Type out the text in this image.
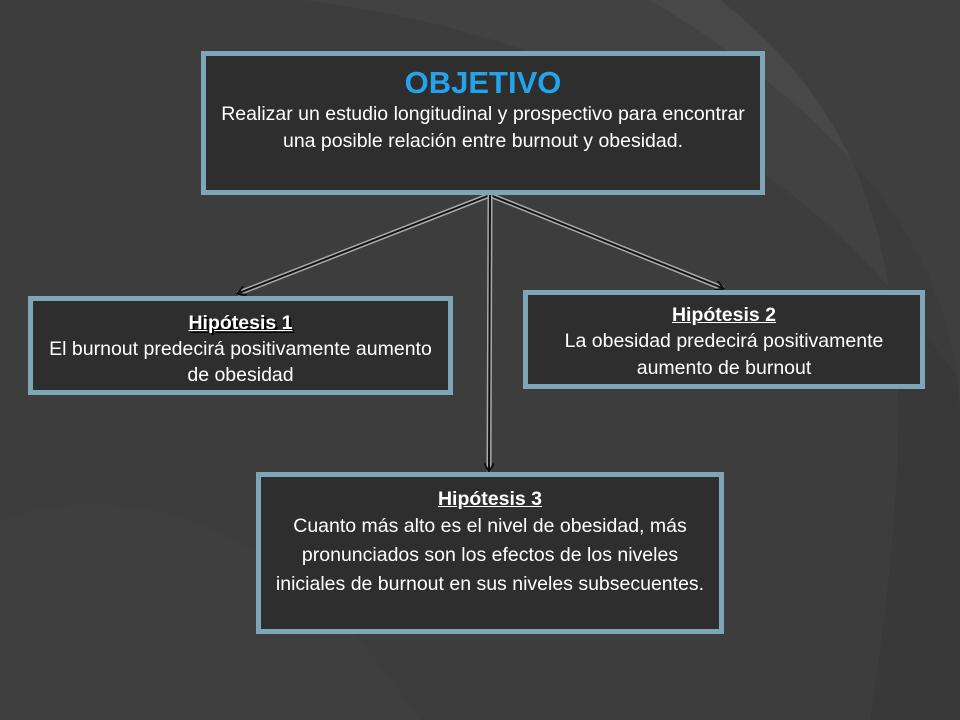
OBJETIVO
Realizar un estudio longitudinal y prospectivo para encontrar una posible relación entre burnout y obesidad.
Hipótesis 1
El burnout predecirá positivamente aumento de obesidad
Hipótesis 2
La obesidad predecirá positivamente aumento de burnout
Hipótesis 3
Cuanto más alto es el nivel de obesidad, más pronunciados son los efectos de los niveles iniciales de burnout en sus niveles subsecuentes.
